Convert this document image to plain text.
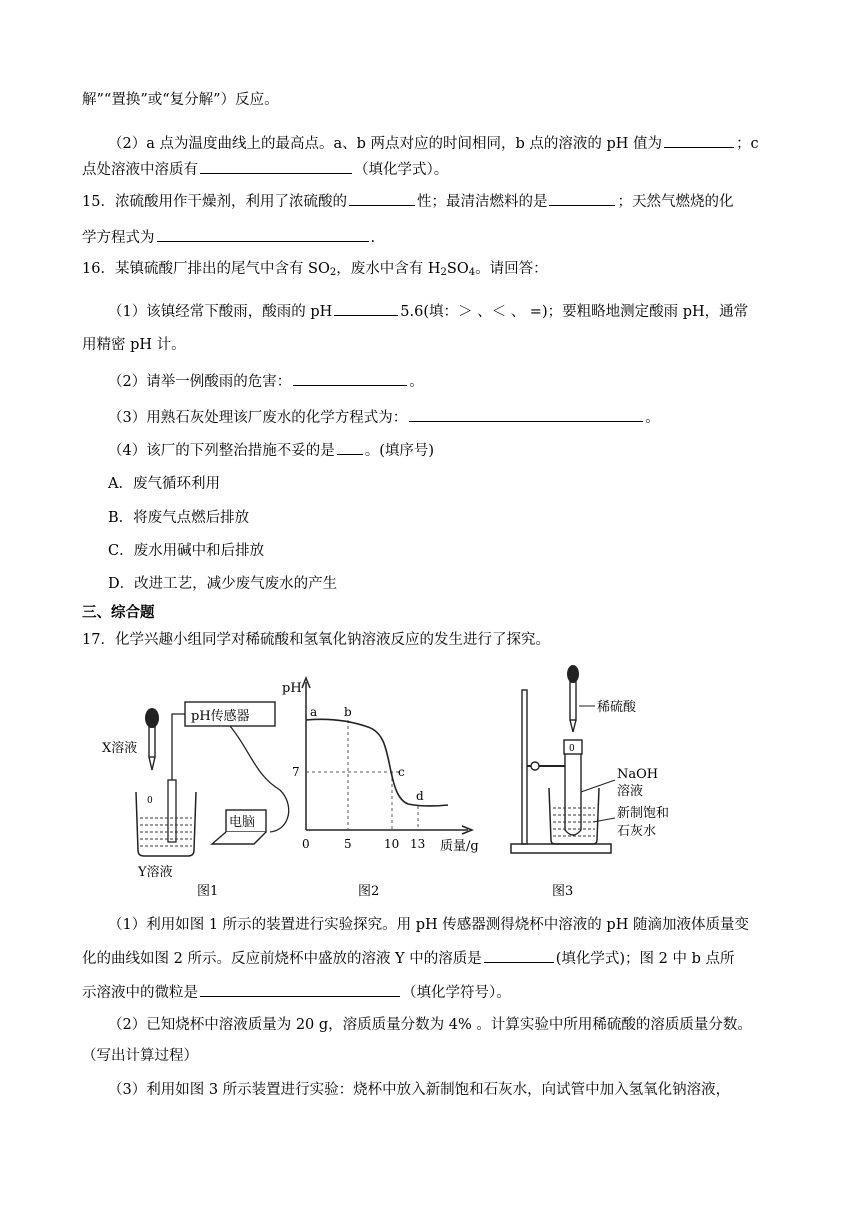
解”“置换”或“复分解”）反应。
（2）a 点为温度曲线上的最高点。a、b 两点对应的时间相同，b 点的溶液的 pH 值为	；c
点处溶液中溶质有	（填化学式）。
15．浓硫酸用作干燥剂，利用了浓硫酸的	性；最清洁燃料的是	；天然气燃烧的化
学方程式为	.
16．某镇硫酸厂排出的尾气中含有 $SO_2$，废水中含有 $H_2SO_4$。请回答：
（1）该镇经常下酸雨，酸雨的 pH	5.6(填：＞ 、＜ 、 =)；要粗略地测定酸雨 pH，通常
用精密 pH 计。
（2）请举一例酸雨的危害：	。
（3）用熟石灰处理该厂废水的化学方程式为：	。
（4）该厂的下列整治措施不妥的是 。(填序号)
A．废气循环利用
B．将废气点燃后排放
C．废水用碱中和后排放
D．改进工艺，减少废气废水的产生
三、综合题
17．化学兴趣小组同学对稀硫酸和氢氧化钠溶液反应的发生进行了探究。
pH传感器
0
电脑
X溶液
Y溶液
图1
pH
质量/g
a b
c
d
7
0	5	10 13
图2
0
稀硫酸
NaOH
溶液
新制饱和
石灰水
图3
（1）利用如图 1 所示的装置进行实验探究。用 pH 传感器测得烧杯中溶液的 pH 随滴加液体质量变
化的曲线如图 2 所示。反应前烧杯中盛放的溶液 Y 中的溶质是	(填化学式)；图 2 中 b 点所
示溶液中的微粒是	（填化学符号）。
（2）已知烧杯中溶液质量为 20 g，溶质质量分数为 4% 。计算实验中所用稀硫酸的溶质质量分数。
（写出计算过程）
（3）利用如图 3 所示装置进行实验：烧杯中放入新制饱和石灰水，向试管中加入氢氧化钠溶液，
